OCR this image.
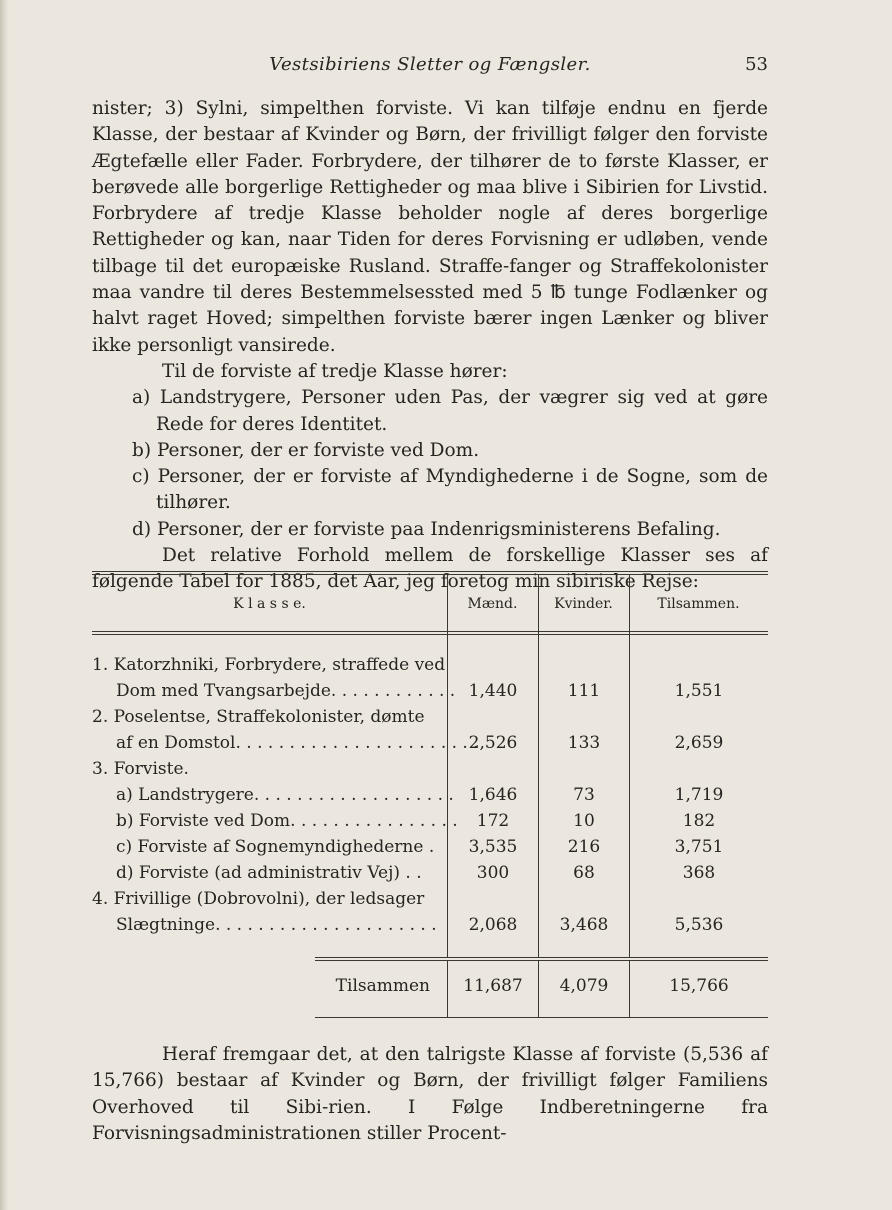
Vestsibiriens Sletter og Fængsler.	53

nister; 3) Sylni, simpelthen forviste. Vi kan tilføje endnu en fjerde Klasse, der bestaar af Kvinder og Børn, der frivilligt følger den forviste Ægtefælle eller Fader. Forbrydere, der tilhører de to første Klasser, er berøvede alle borgerlige Rettigheder og maa blive i Sibirien for Livstid. Forbrydere af tredje Klasse beholder nogle af deres borgerlige Rettigheder og kan, naar Tiden for deres Forvisning er udløben, vende tilbage til det europæiske Rusland. Straffe-fanger og Straffekolonister maa vandre til deres Bestemmelsessted med 5 ℔ tunge Fodlænker og halvt raget Hoved; simpelthen forviste bærer ingen Lænker og bliver ikke personligt vansirede.

Til de forviste af tredje Klasse hører:

a) Landstrygere, Personer uden Pas, der vægrer sig ved at gøre Rede for deres Identitet.

b) Personer, der er forviste ved Dom.

c) Personer, der er forviste af Myndighederne i de Sogne, som de tilhører.

d) Personer, der er forviste paa Indenrigsministerens Befaling.

Det relative Forhold mellem de forskellige Klasser ses af følgende Tabel for 1885, det Aar, jeg foretog min sibiriske Rejse:

K l a s s e.	Mænd.	Kvinder.	Tilsammen.
1. Katorzhniki, Forbrydere, straffede ved
Dom med Tvangsarbejde. . . . . . . . . . . . 1,440	111	1,551
2. Poselentse, Straffekolonister, dømte
af en Domstol. . . . . . . . . . . . . . . . . . . . . . .
2,526	133	2,659
3. Forviste.
a) Landstrygere. . . . . . . . . . . . . . . . . . . 1,646	73	1,719
b) Forviste ved Dom. . . . . . . . . . . . . . . .	172	10	182
c) Forviste af Sognemyndighederne .	3,535	216	3,751
d) Forviste (ad administrativ Vej) . .	300	68	368
4. Frivillige (Dobrovolni), der ledsager
Slægtninge. . . . . . . . . . . . . . . . . . . . .	2,068	3,468	5,536
Tilsammen	11,687	4,079	15,766

Heraf fremgaar det, at den talrigste Klasse af forviste (5,536 af 15,766) bestaar af Kvinder og Børn, der frivilligt følger Familiens Overhoved til Sibi-rien. I Følge Indberetningerne fra Forvisningsadministrationen stiller Procent-
